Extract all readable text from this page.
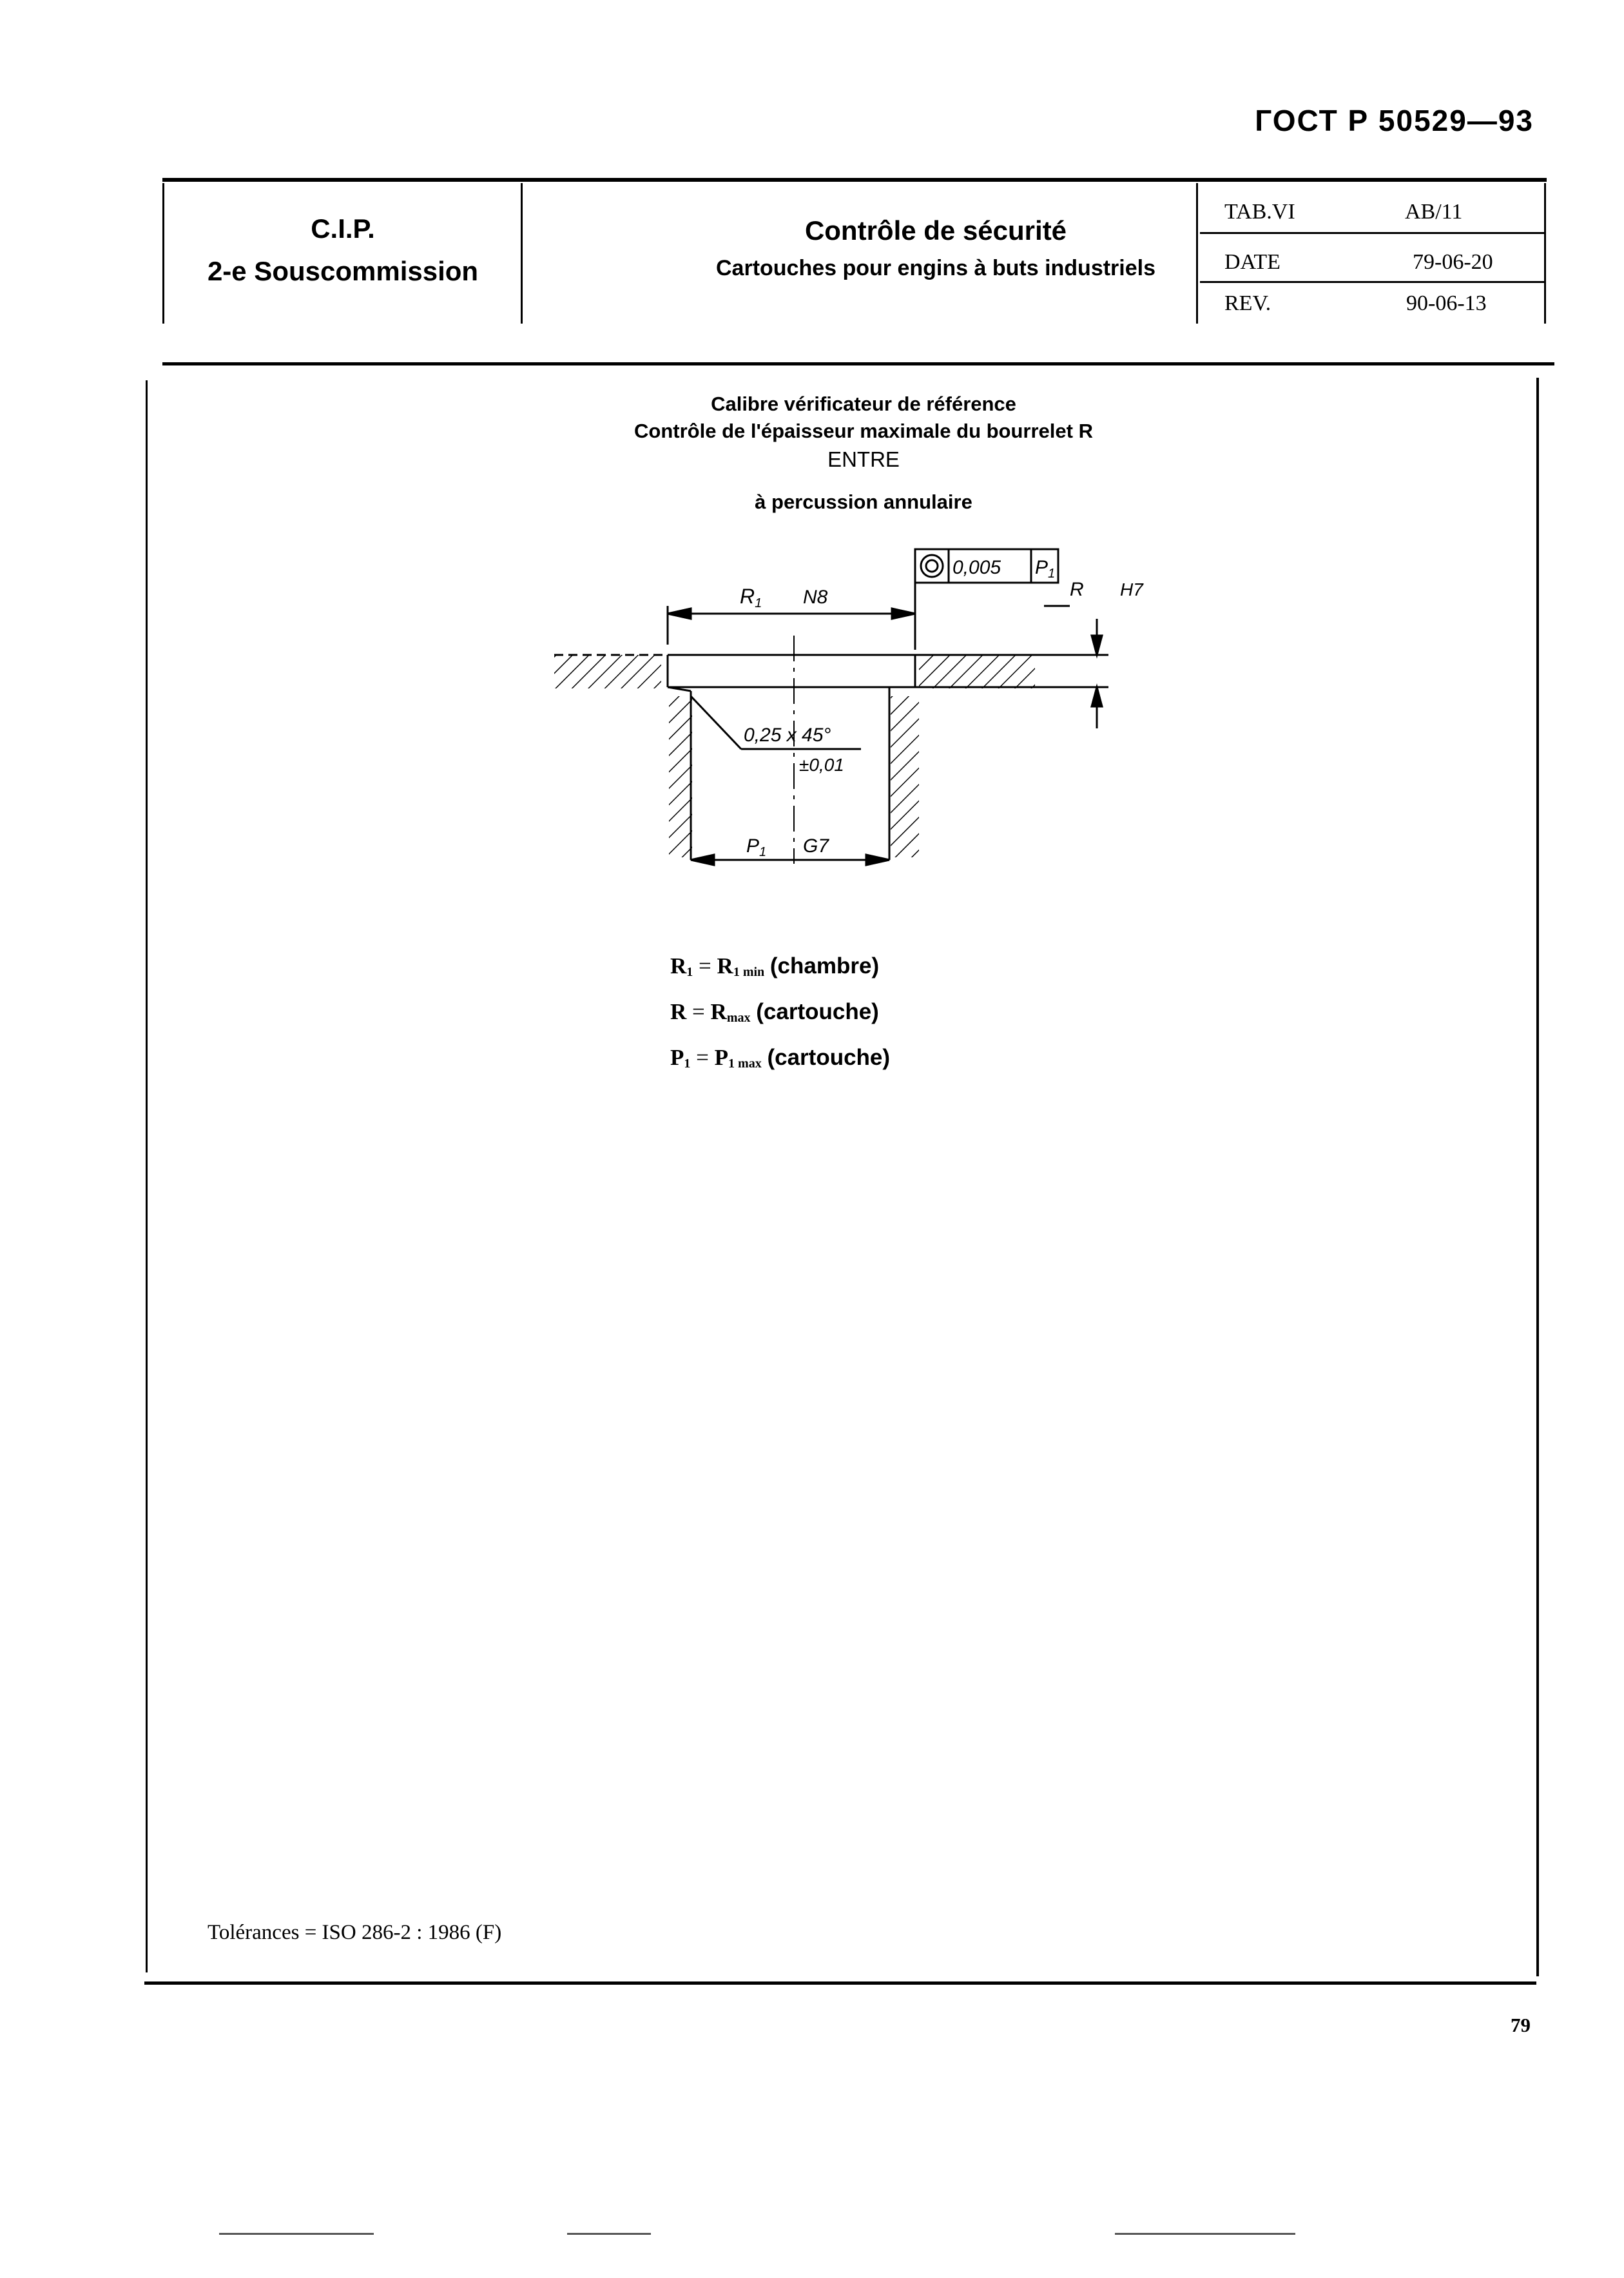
ГОСТ Р 50529—93
C.I.P.
2-e Souscommission
Contrôle de sécurité
Cartouches pour engins à buts industriels
TAB.VI	AB/11
DATE	79-06-20
REV.	90-06-13
Calibre vérificateur de référence
Contrôle de l'épaisseur maximale du bourrelet R
ENTRE
à percussion annulaire
0,005 $P_1$
R1 N8	R H7
0,25 x 45°
±0,01
$P_1$ G7
$R_1 = R_{1 min}$ (chambre)
$R = R_{max}$ (cartouche)
$P_1 = P_{1 max}$ (cartouche)
Tolérances = ISO 286-2 : 1986 (F)
79
